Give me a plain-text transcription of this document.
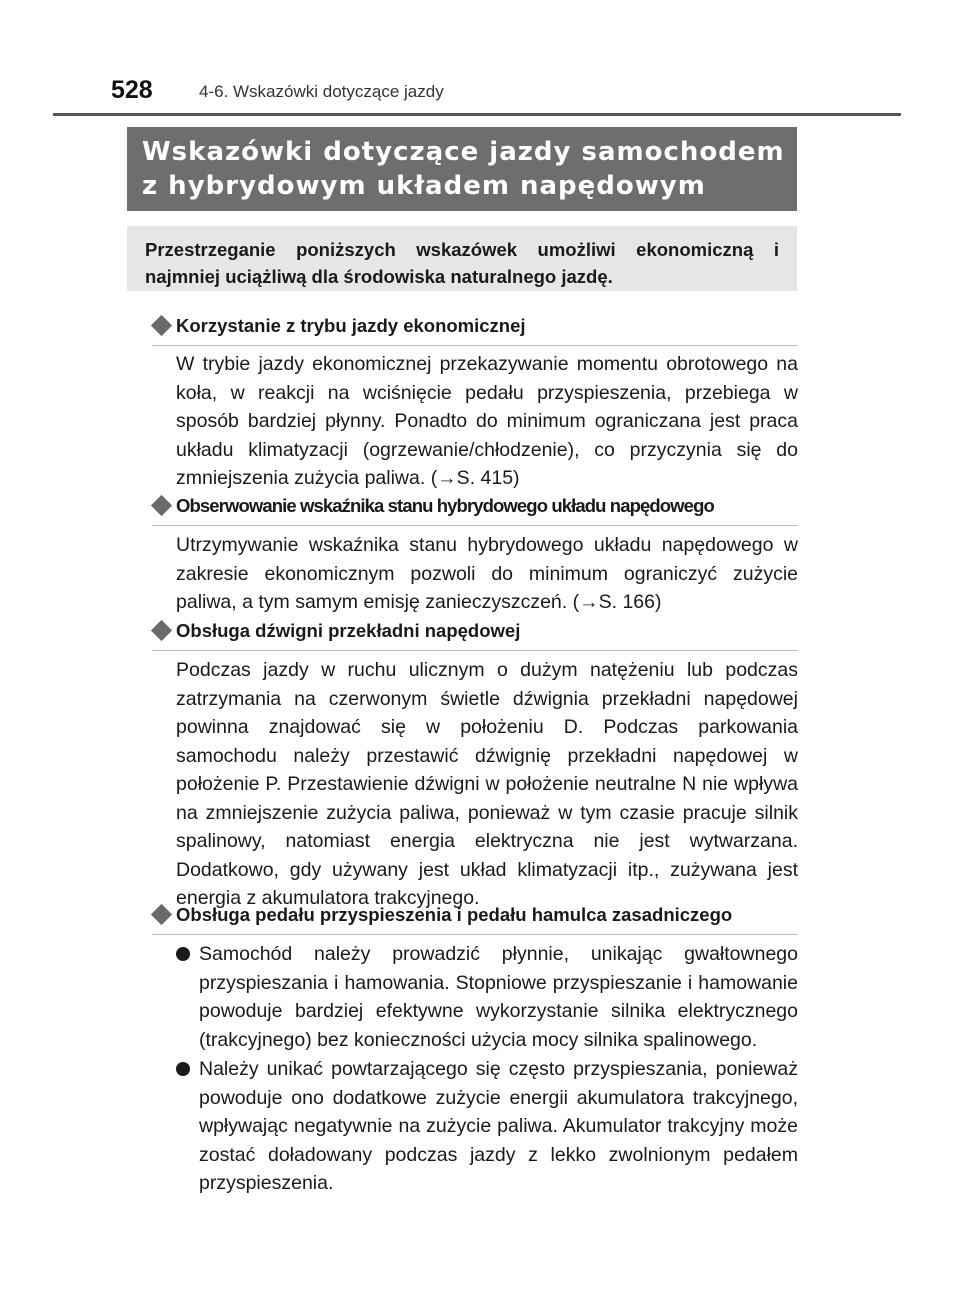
528	4-6. Wskazówki dotyczące jazdy
Wskazówki dotyczące jazdy samochodem
z hybrydowym układem napędowym
Przestrzeganie poniższych wskazówek umożliwi ekonomiczną i najmniej uciążliwą dla środowiska naturalnego jazdę.
Korzystanie z trybu jazdy ekonomicznej
W trybie jazdy ekonomicznej przekazywanie momentu obrotowego na koła, w reakcji na wciśnięcie pedału przyspieszenia, przebiega w sposób bardziej płynny. Ponadto do minimum ograniczana jest praca układu klimatyzacji (ogrzewanie/chłodzenie), co przyczynia się do zmniejszenia zużycia paliwa. (→S. 415)
Obserwowanie wskaźnika stanu hybrydowego układu napędowego
Utrzymywanie wskaźnika stanu hybrydowego układu napędowego w zakresie ekonomicznym pozwoli do minimum ograniczyć zużycie paliwa, a tym samym emisję zanieczyszczeń. (→S. 166)
Obsługa dźwigni przekładni napędowej
Podczas jazdy w ruchu ulicznym o dużym natężeniu lub podczas zatrzymania na czerwonym świetle dźwignia przekładni napędowej powinna znajdować się w położeniu D. Podczas parkowania samochodu należy przestawić dźwignię przekładni napędowej w położenie P. Przestawienie dźwigni w położenie neutralne N nie wpływa na zmniejszenie zużycia paliwa, ponieważ w tym czasie pracuje silnik spalinowy, natomiast energia elektryczna nie jest wytwarzana. Dodatkowo, gdy używany jest układ klimatyzacji itp., zużywana jest energia z akumulatora trakcyjnego.
Obsługa pedału przyspieszenia i pedału hamulca zasadniczego
Samochód należy prowadzić płynnie, unikając gwałtownego przyspieszania i hamowania. Stopniowe przyspieszanie i hamowanie powoduje bardziej efektywne wykorzystanie silnika elektrycznego (trakcyjnego) bez konieczności użycia mocy silnika spalinowego.
Należy unikać powtarzającego się często przyspieszania, ponieważ powoduje ono dodatkowe zużycie energii akumulatora trakcyjnego, wpływając negatywnie na zużycie paliwa. Akumulator trakcyjny może zostać doładowany podczas jazdy z lekko zwolnionym pedałem przyspieszenia.
